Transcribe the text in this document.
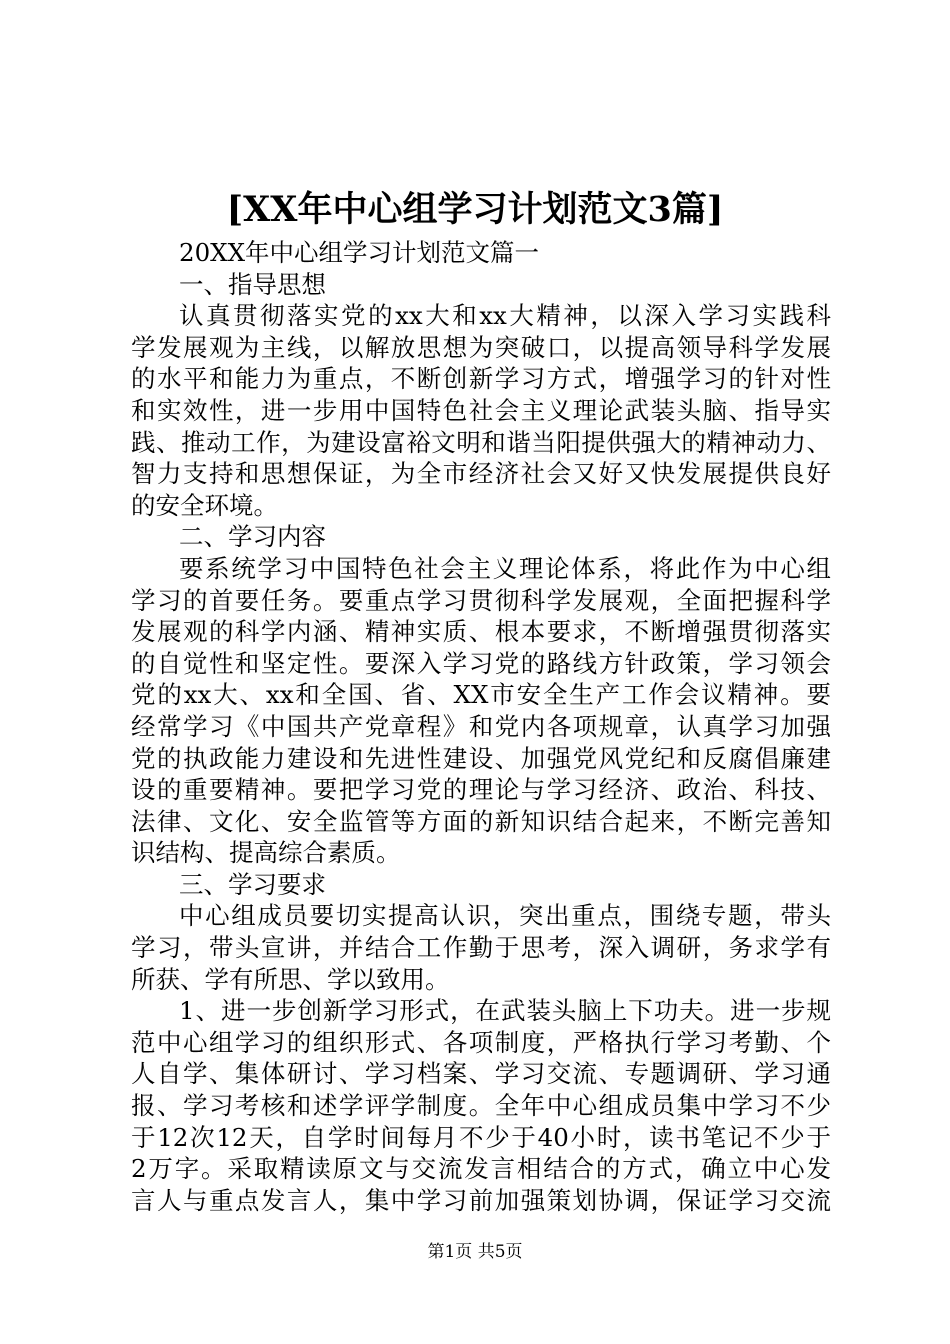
[XX年中心组学习计划范文3篇]
20XX年中心组学习计划范文篇一
一、指导思想
认真贯彻落实党的xx大和xx大精神，以深入学习实践科
学发展观为主线，以解放思想为突破口，以提高领导科学发展
的水平和能力为重点，不断创新学习方式，增强学习的针对性
和实效性，进一步用中国特色社会主义理论武装头脑、指导实
践、推动工作，为建设富裕文明和谐当阳提供强大的精神动力、
智力支持和思想保证，为全市经济社会又好又快发展提供良好
的安全环境。
二、学习内容
要系统学习中国特色社会主义理论体系，将此作为中心组
学习的首要任务。要重点学习贯彻科学发展观，全面把握科学
发展观的科学内涵、精神实质、根本要求，不断增强贯彻落实
的自觉性和坚定性。要深入学习党的路线方针政策，学习领会
党的xx大、xx和全国、省、XX市安全生产工作会议精神。要
经常学习《中国共产党章程》和党内各项规章，认真学习加强
党的执政能力建设和先进性建设、加强党风党纪和反腐倡廉建
设的重要精神。要把学习党的理论与学习经济、政治、科技、
法律、文化、安全监管等方面的新知识结合起来，不断完善知
识结构、提高综合素质。
三、学习要求
中心组成员要切实提高认识，突出重点，围绕专题，带头
学习，带头宣讲，并结合工作勤于思考，深入调研，务求学有
所获、学有所思、学以致用。
1、进一步创新学习形式，在武装头脑上下功夫。进一步规
范中心组学习的组织形式、各项制度，严格执行学习考勤、个
人自学、集体研讨、学习档案、学习交流、专题调研、学习通
报、学习考核和述学评学制度。全年中心组成员集中学习不少
于12次12天，自学时间每月不少于40小时，读书笔记不少于
2万字。采取精读原文与交流发言相结合的方式，确立中心发
言人与重点发言人，集中学习前加强策划协调，保证学习交流
第1页 共5页
